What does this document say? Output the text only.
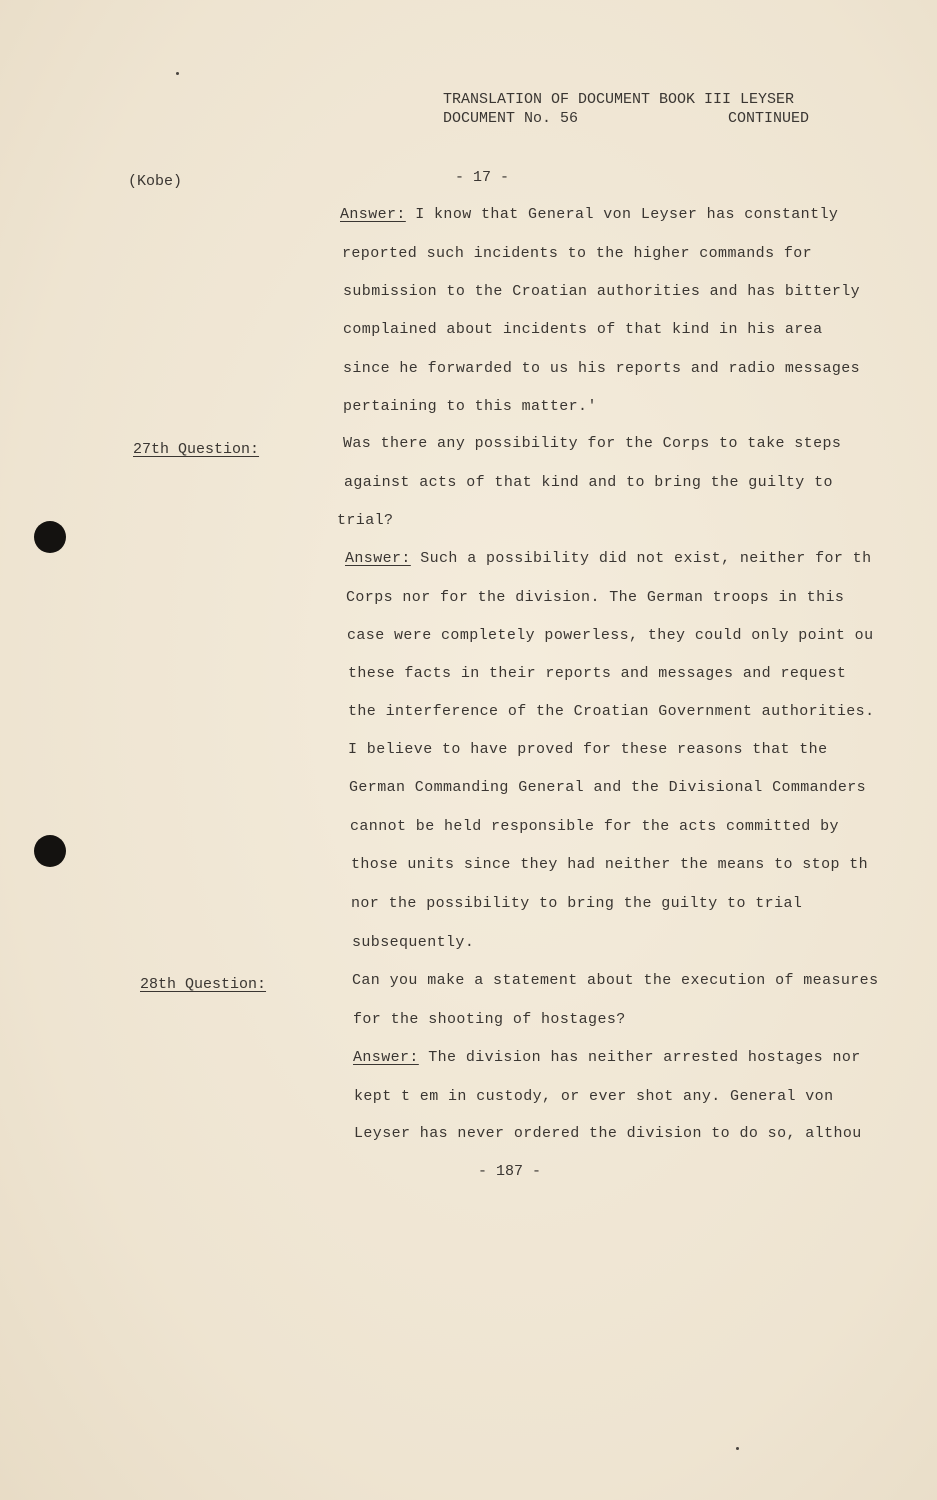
TRANSLATION OF DOCUMENT BOOK III LEYSER
DOCUMENT No. 56	CONTINUED
(Kobe)	- 17 -
Answer: I know that General von Leyser has constantly
reported such incidents to the higher commands for
submission to the Croatian authorities and has bitterly
complained about incidents of that kind in his area
since he forwarded to us his reports and radio messages
pertaining to this matter.'
27th Question:	Was there any possibility for the Corps to take steps
against acts of that kind and to bring the guilty to
trial?
Answer: Such a possibility did not exist, neither for th
Corps nor for the division. The German troops in this
case were completely powerless, they could only point ou
these facts in their reports and messages and request
the interference of the Croatian Government authorities.
I believe to have proved for these reasons that the
German Commanding General and the Divisional Commanders
cannot be held responsible for the acts committed by
those units since they had neither the means to stop th
nor the possibility to bring the guilty to trial
subsequently.
28th Question:	Can you make a statement about the execution of measures
for the shooting of hostages?
Answer: The division has neither arrested hostages nor
kept t em in custody, or ever shot any. General von
Leyser has never ordered the division to do so, althou
- 187 -
